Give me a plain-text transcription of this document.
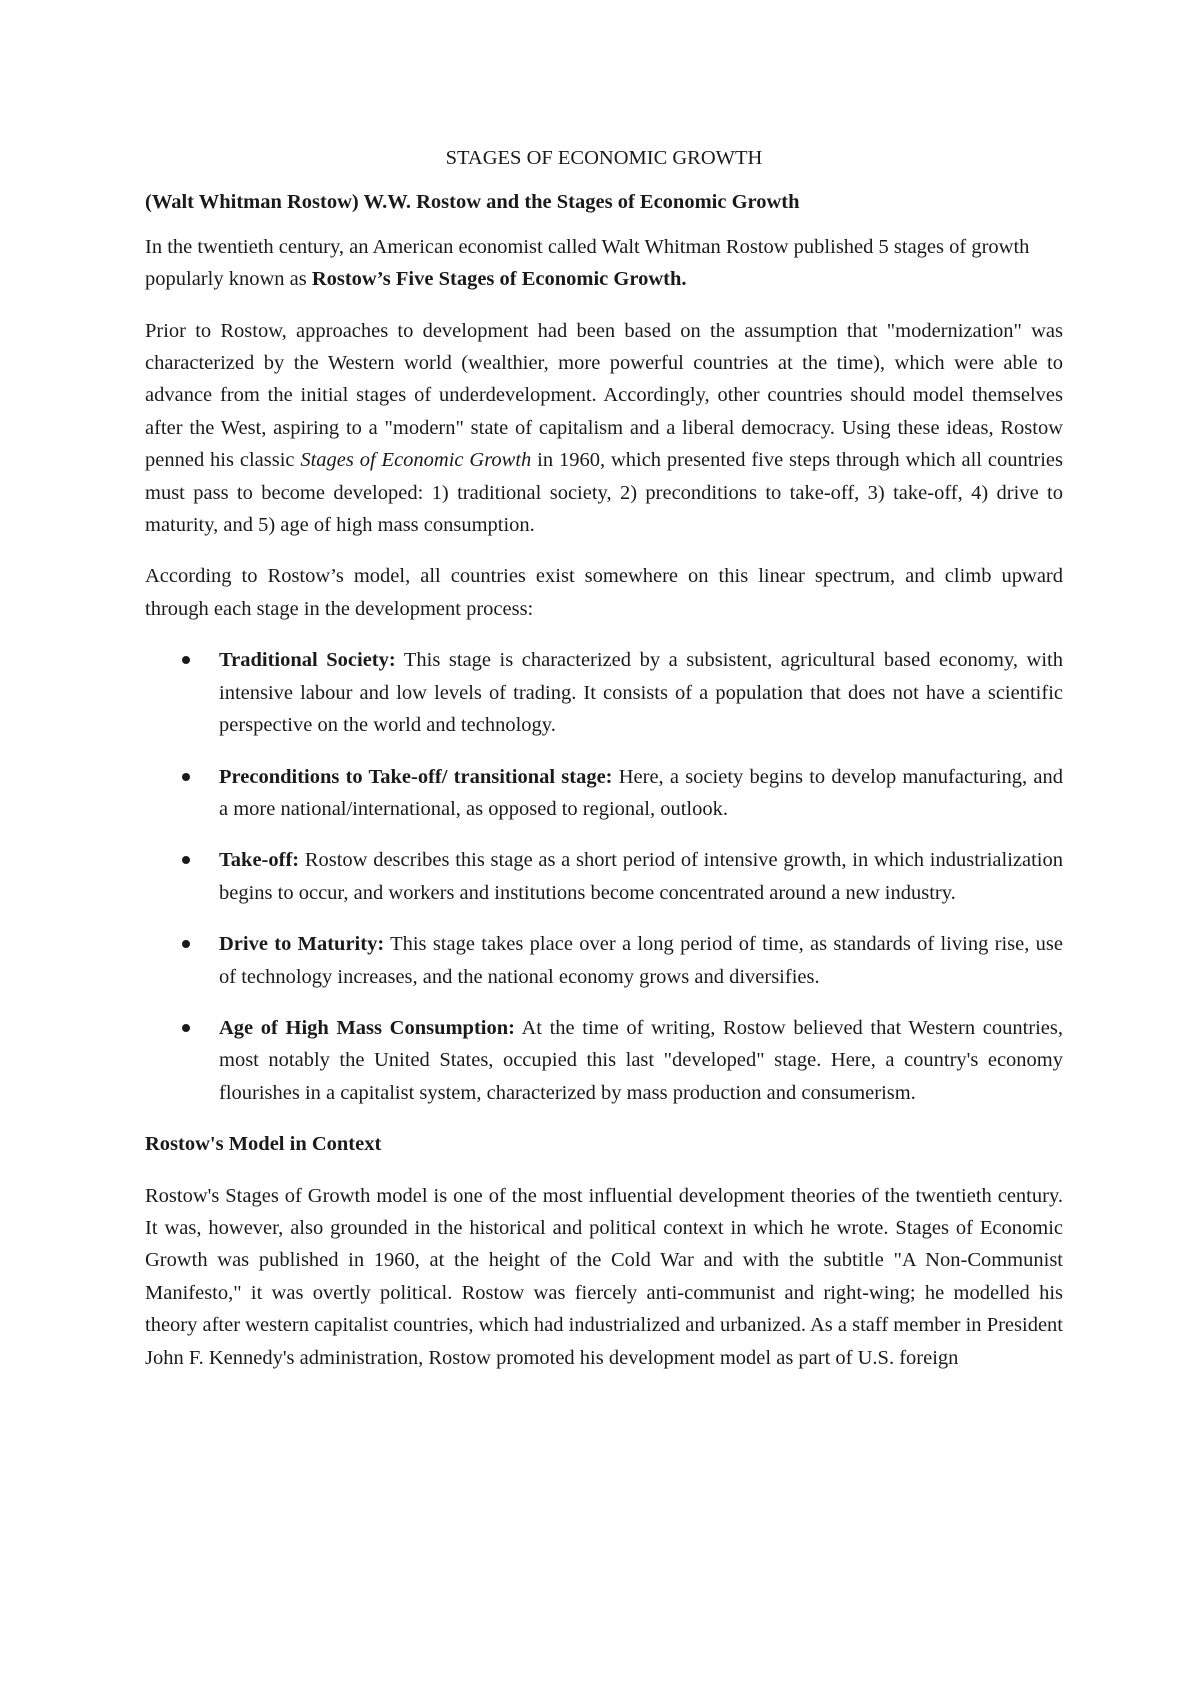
STAGES OF ECONOMIC GROWTH
(Walt Whitman Rostow) W.W. Rostow and the Stages of Economic Growth

In the twentieth century, an American economist called Walt Whitman Rostow published 5 stages of growth popularly known as Rostow’s Five Stages of Economic Growth.

Prior to Rostow, approaches to development had been based on the assumption that "modernization" was characterized by the Western world (wealthier, more powerful countries at the time), which were able to advance from the initial stages of underdevelopment. Accordingly, other countries should model themselves after the West, aspiring to a "modern" state of capitalism and a liberal democracy. Using these ideas, Rostow penned his classic Stages of Economic Growth in 1960, which presented five steps through which all countries must pass to become developed: 1) traditional society, 2) preconditions to take-off, 3) take-off, 4) drive to maturity, and 5) age of high mass consumption.

According to Rostow’s model, all countries exist somewhere on this linear spectrum, and climb upward through each stage in the development process:

Traditional Society: This stage is characterized by a subsistent, agricultural based economy, with intensive labour and low levels of trading. It consists of a population that does not have a scientific perspective on the world and technology.
Preconditions to Take-off/ transitional stage: Here, a society begins to develop manufacturing, and a more national/international, as opposed to regional, outlook.
Take-off: Rostow describes this stage as a short period of intensive growth, in which industrialization begins to occur, and workers and institutions become concentrated around a new industry.
Drive to Maturity: This stage takes place over a long period of time, as standards of living rise, use of technology increases, and the national economy grows and diversifies.
Age of High Mass Consumption: At the time of writing, Rostow believed that Western countries, most notably the United States, occupied this last "developed" stage. Here, a country's economy flourishes in a capitalist system, characterized by mass production and consumerism.
Rostow's Model in Context

Rostow's Stages of Growth model is one of the most influential development theories of the twentieth century. It was, however, also grounded in the historical and political context in which he wrote. Stages of Economic Growth was published in 1960, at the height of the Cold War and with the subtitle "A Non-Communist Manifesto," it was overtly political. Rostow was fiercely anti-communist and right-wing; he modelled his theory after western capitalist countries, which had industrialized and urbanized. As a staff member in President John F. Kennedy's administration, Rostow promoted his development model as part of U.S. foreign
